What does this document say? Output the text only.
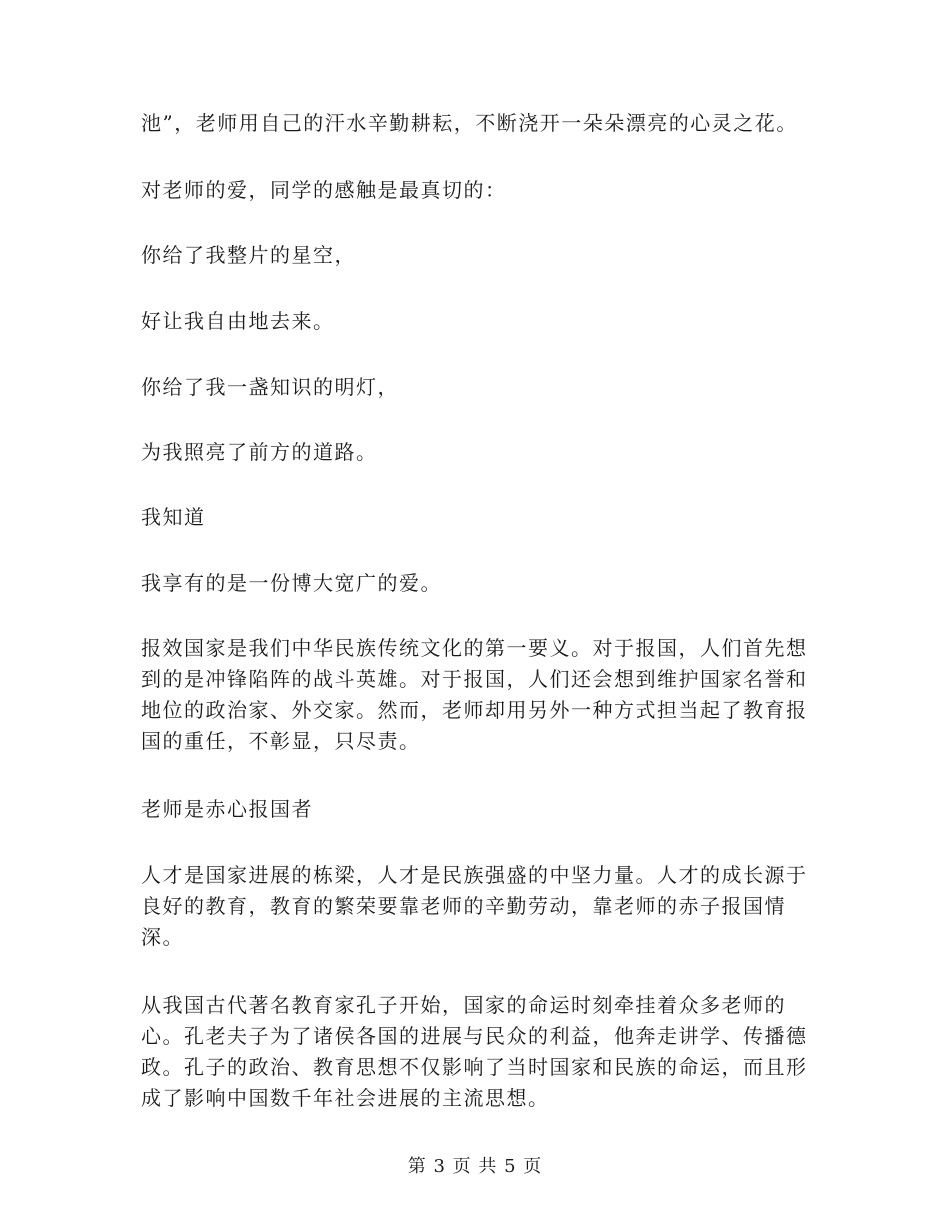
池”，老师用自己的汗水辛勤耕耘，不断浇开一朵朵漂亮的心灵之花。

对老师的爱，同学的感触是最真切的：

你给了我整片的星空，

好让我自由地去来。

你给了我一盏知识的明灯，

为我照亮了前方的道路。

我知道

我享有的是一份博大宽广的爱。

报效国家是我们中华民族传统文化的第一要义。对于报国，人们首先想到的是冲锋陷阵的战斗英雄。对于报国，人们还会想到维护国家名誉和地位的政治家、外交家。然而，老师却用另外一种方式担当起了教育报国的重任，不彰显，只尽责。

老师是赤心报国者

人才是国家进展的栋梁，人才是民族强盛的中坚力量。人才的成长源于良好的教育，教育的繁荣要靠老师的辛勤劳动，靠老师的赤子报国情深。

从我国古代著名教育家孔子开始，国家的命运时刻牵挂着众多老师的心。孔老夫子为了诸侯各国的进展与民众的利益，他奔走讲学、传播德政。孔子的政治、教育思想不仅影响了当时国家和民族的命运，而且形成了影响中国数千年社会进展的主流思想。

第 3 页 共 5 页
